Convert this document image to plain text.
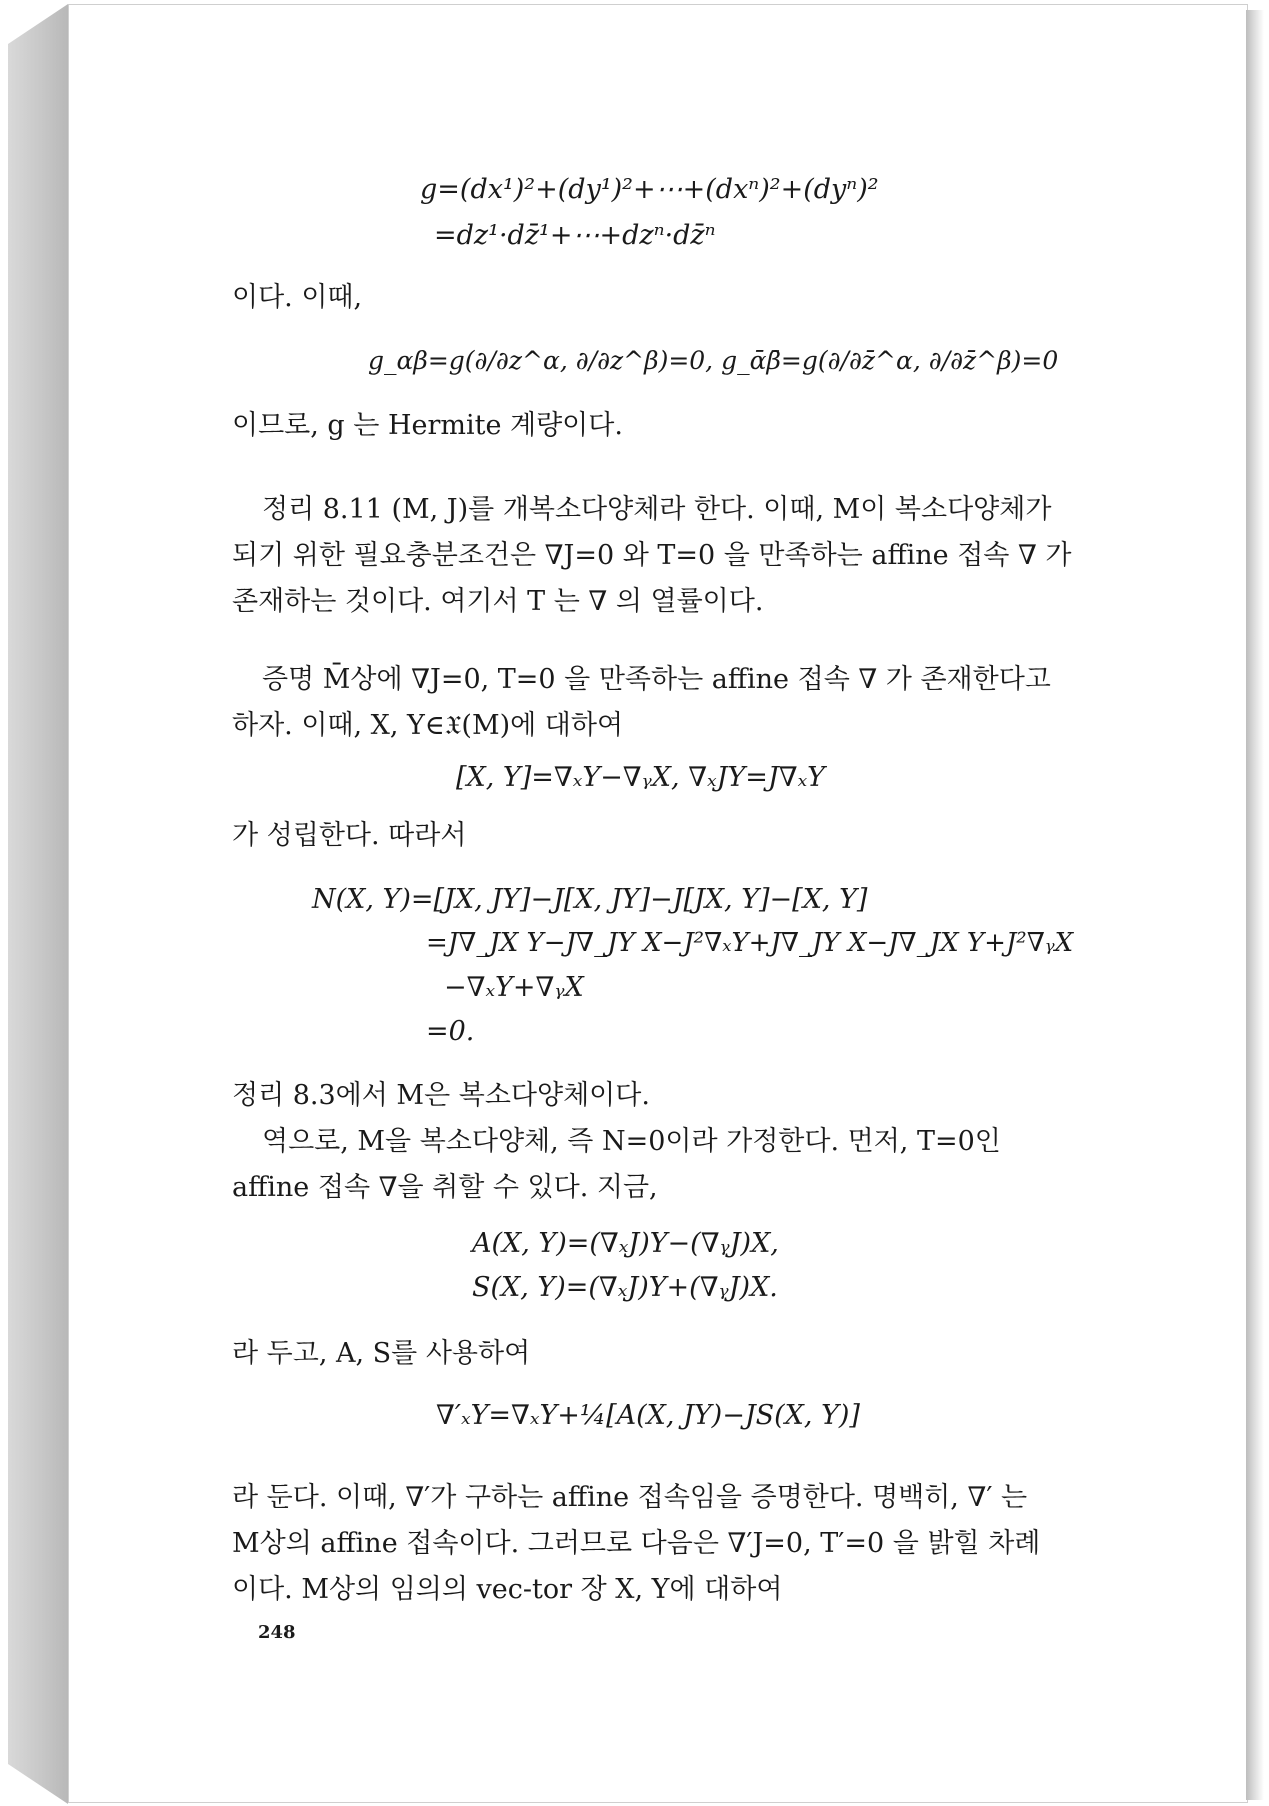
g=(dx¹)²+(dy¹)²+⋯+(dxⁿ)²+(dyⁿ)²
=dz¹·dz̄¹+⋯+dzⁿ·dz̄ⁿ
이다. 이때,
g_αβ=g(∂/∂z^α, ∂/∂z^β)=0, g_ᾱβ̄=g(∂/∂z̄^α, ∂/∂z̄^β)=0
이므로, g 는 Hermite 계량이다.
정리 8.11 (M, J)를 개복소다양체라 한다. 이때, M이 복소다양체가
되기 위한 필요충분조건은 ∇J=0 와 T=0 을 만족하는 affine 접속 ∇ 가
존재하는 것이다. 여기서 T 는 ∇ 의 열률이다.
증명 M̄상에 ∇J=0, T=0 을 만족하는 affine 접속 ∇ 가 존재한다고
하자. 이때, X, Y∈𝔛(M)에 대하여
[X, Y]=∇ₓY−∇ᵧX, ∇ₓJY=J∇ₓY
가 성립한다. 따라서
N(X, Y)=[JX, JY]−J[X, JY]−J[JX, Y]−[X, Y]
=J∇_JX Y−J∇_JY X−J²∇ₓY+J∇_JY X−J∇_JX Y+J²∇ᵧX
−∇ₓY+∇ᵧX
=0.
정리 8.3에서 M은 복소다양체이다.
역으로, M을 복소다양체, 즉 N=0이라 가정한다. 먼저, T=0인
affine 접속 ∇을 취할 수 있다. 지금,
A(X, Y)=(∇ₓJ)Y−(∇ᵧJ)X,
S(X, Y)=(∇ₓJ)Y+(∇ᵧJ)X.
라 두고, A, S를 사용하여
∇′ₓY=∇ₓY+¼[A(X, JY)−JS(X, Y)]
라 둔다. 이때, ∇′가 구하는 affine 접속임을 증명한다. 명백히, ∇′ 는
M상의 affine 접속이다. 그러므로 다음은 ∇′J=0, T′=0 을 밝힐 차례
이다. M상의 임의의 vec-tor 장 X, Y에 대하여
248
